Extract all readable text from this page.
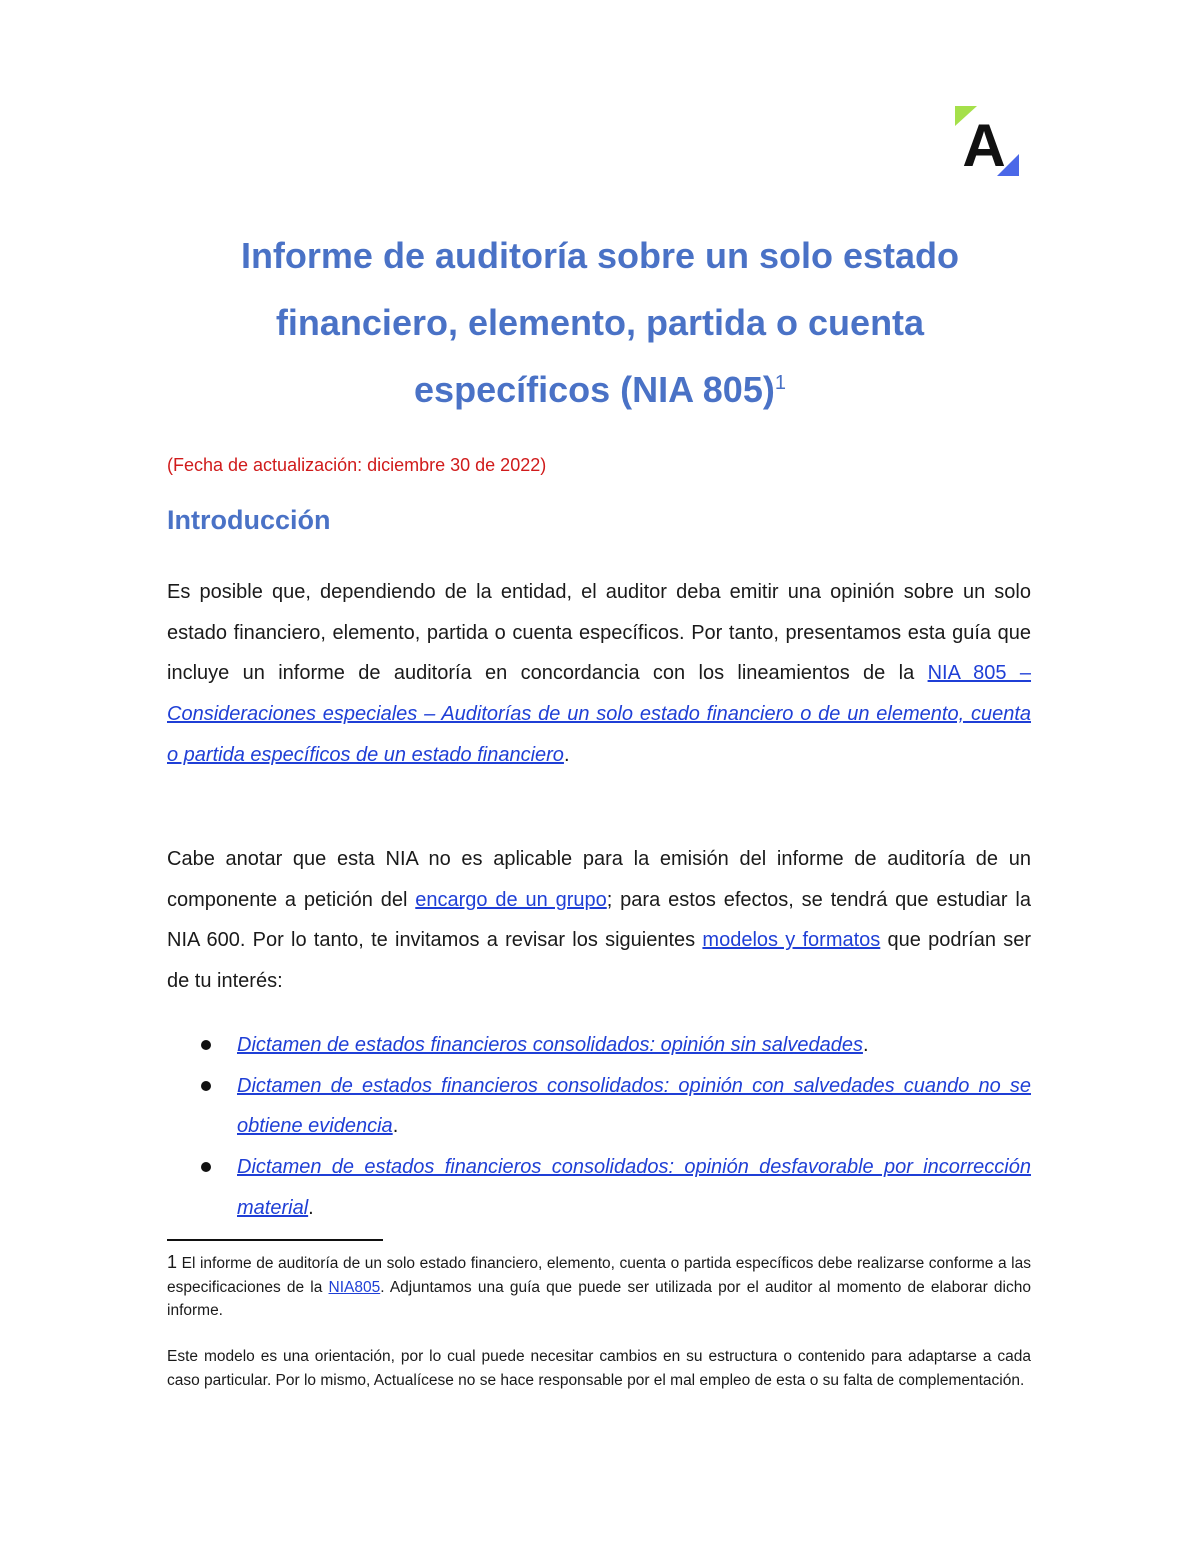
A
Informe de auditoría sobre un solo estado
financiero, elemento, partida o cuenta
específicos (NIA 805)$^1$
(Fecha de actualización: diciembre 30 de 2022)
Introducción
Es posible que, dependiendo de la entidad, el auditor deba emitir una opinión sobre un solo estado financiero, elemento, partida o cuenta específicos. Por tanto, presentamos esta guía que incluye un informe de auditoría en concordancia con los lineamientos de la NIA 805 – Consideraciones especiales – Auditorías de un solo estado financiero o de un elemento, cuenta o partida específicos de un estado financiero.
Cabe anotar que esta NIA no es aplicable para la emisión del informe de auditoría de un componente a petición del encargo de un grupo; para estos efectos, se tendrá que estudiar la NIA 600. Por lo tanto, te invitamos a revisar los siguientes modelos y formatos que podrían ser de tu interés:
Dictamen de estados financieros consolidados: opinión sin salvedades.
Dictamen de estados financieros consolidados: opinión con salvedades cuando no se obtiene evidencia.
Dictamen de estados financieros consolidados: opinión desfavorable por incorrección material.
1 El informe de auditoría de un solo estado financiero, elemento, cuenta o partida específicos debe realizarse conforme a las especificaciones de la NIA805. Adjuntamos una guía que puede ser utilizada por el auditor al momento de elaborar dicho informe.
Este modelo es una orientación, por lo cual puede necesitar cambios en su estructura o contenido para adaptarse a cada caso particular. Por lo mismo, Actualícese no se hace responsable por el mal empleo de esta o su falta de complementación.
